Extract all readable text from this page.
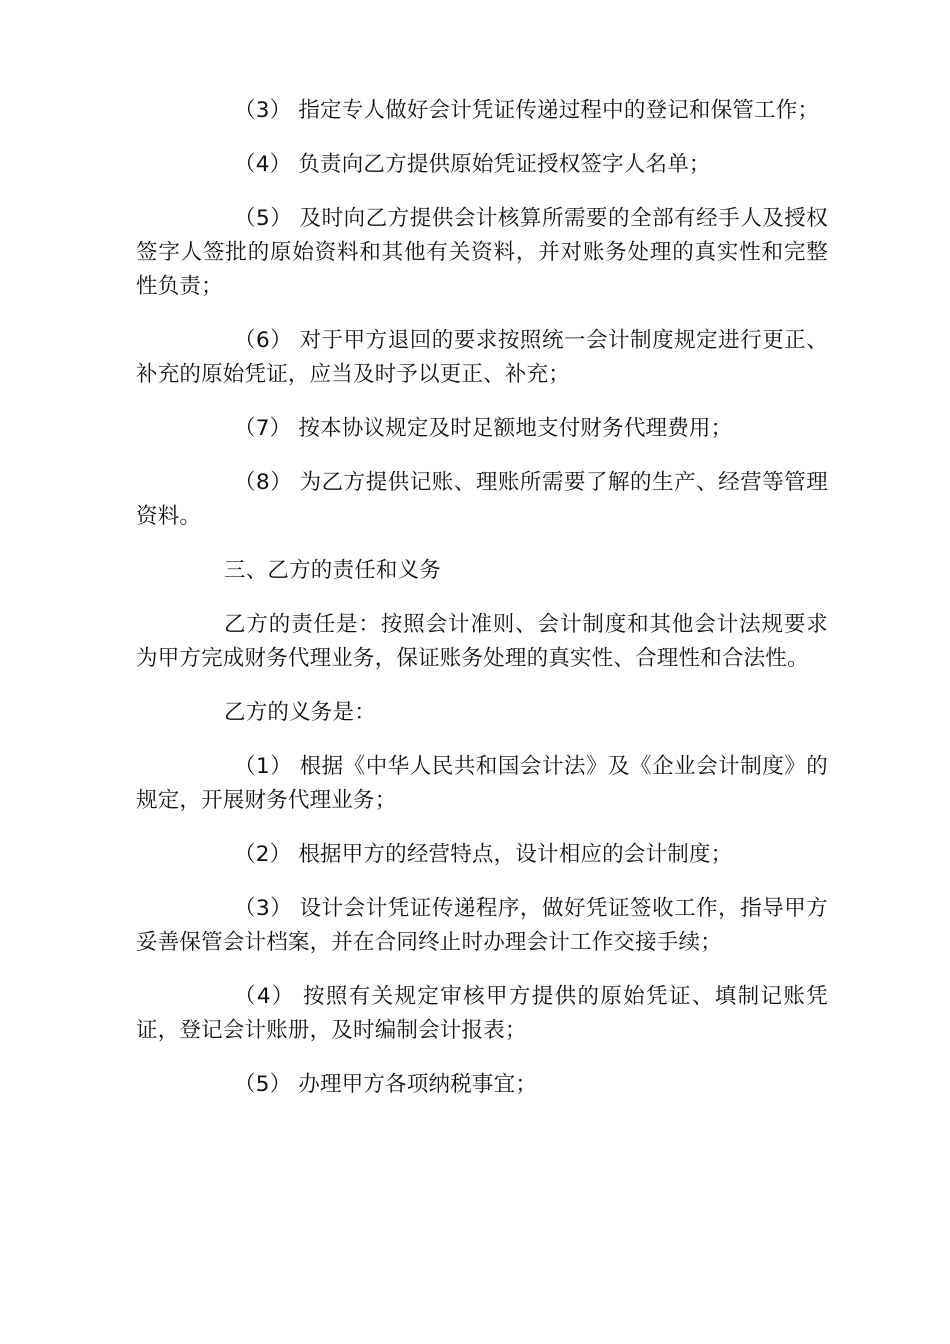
（3） 指定专人做好会计凭证传递过程中的登记和保管工作；

（4） 负责向乙方提供原始凭证授权签字人名单；

（5） 及时向乙方提供会计核算所需要的全部有经手人及授权签字人签批的原始资料和其他有关资料，并对账务处理的真实性和完整性负责；

（6） 对于甲方退回的要求按照统一会计制度规定进行更正、补充的原始凭证，应当及时予以更正、补充；

（7） 按本协议规定及时足额地支付财务代理费用；

（8） 为乙方提供记账、理账所需要了解的生产、经营等管理资料。

三、乙方的责任和义务

乙方的责任是：按照会计准则、会计制度和其他会计法规要求为甲方完成财务代理业务，保证账务处理的真实性、合理性和合法性。

乙方的义务是：

（1） 根据《中华人民共和国会计法》及《企业会计制度》的规定，开展财务代理业务；

（2） 根据甲方的经营特点，设计相应的会计制度；

（3） 设计会计凭证传递程序，做好凭证签收工作，指导甲方妥善保管会计档案，并在合同终止时办理会计工作交接手续；

（4） 按照有关规定审核甲方提供的原始凭证、填制记账凭证，登记会计账册，及时编制会计报表；

（5） 办理甲方各项纳税事宜；
